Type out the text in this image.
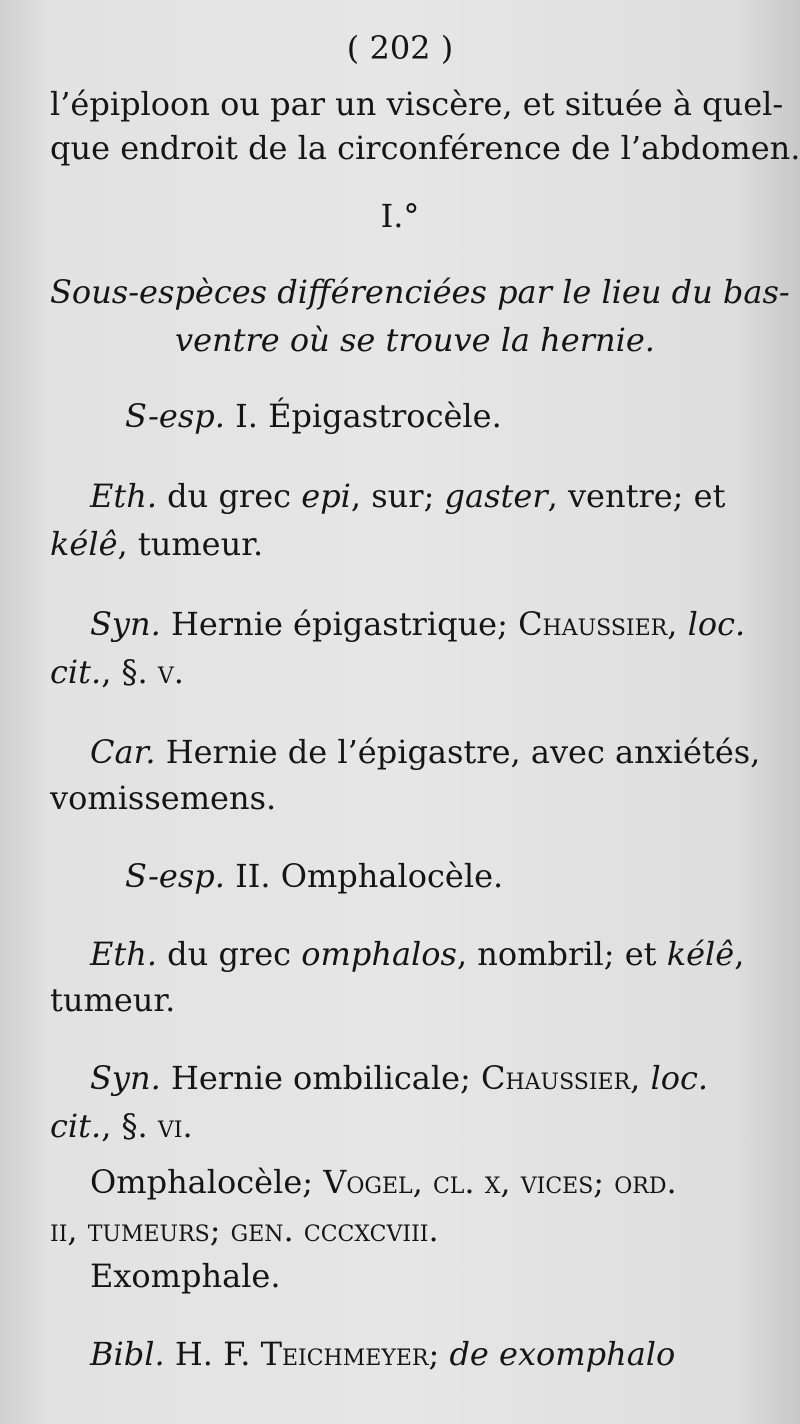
( 202 )
l’épiploon ou par un viscère, et située à quel-
que endroit de la circonférence de l’abdomen.
I.°
Sous-espèces différenciées par le lieu du bas-
ventre où se trouve la hernie.
S-esp. I. Épigastrocèle.
Eth. du grec epi, sur; gaster, ventre; et
kélê, tumeur.
Syn. Hernie épigastrique; Chaussier, loc.
cit., §. v.
Car. Hernie de l’épigastre, avec anxiétés,
vomissemens.
S-esp. II. Omphalocèle.
Eth. du grec omphalos, nombril; et kélê,
tumeur.
Syn. Hernie ombilicale; Chaussier, loc.
cit., §. vi.
Omphalocèle; Vogel, cl. x, vices; ord.
ii, tumeurs; gen. cccxcviii.
Exomphale.
Bibl. H. F. Teichmeyer; de exomphalo
